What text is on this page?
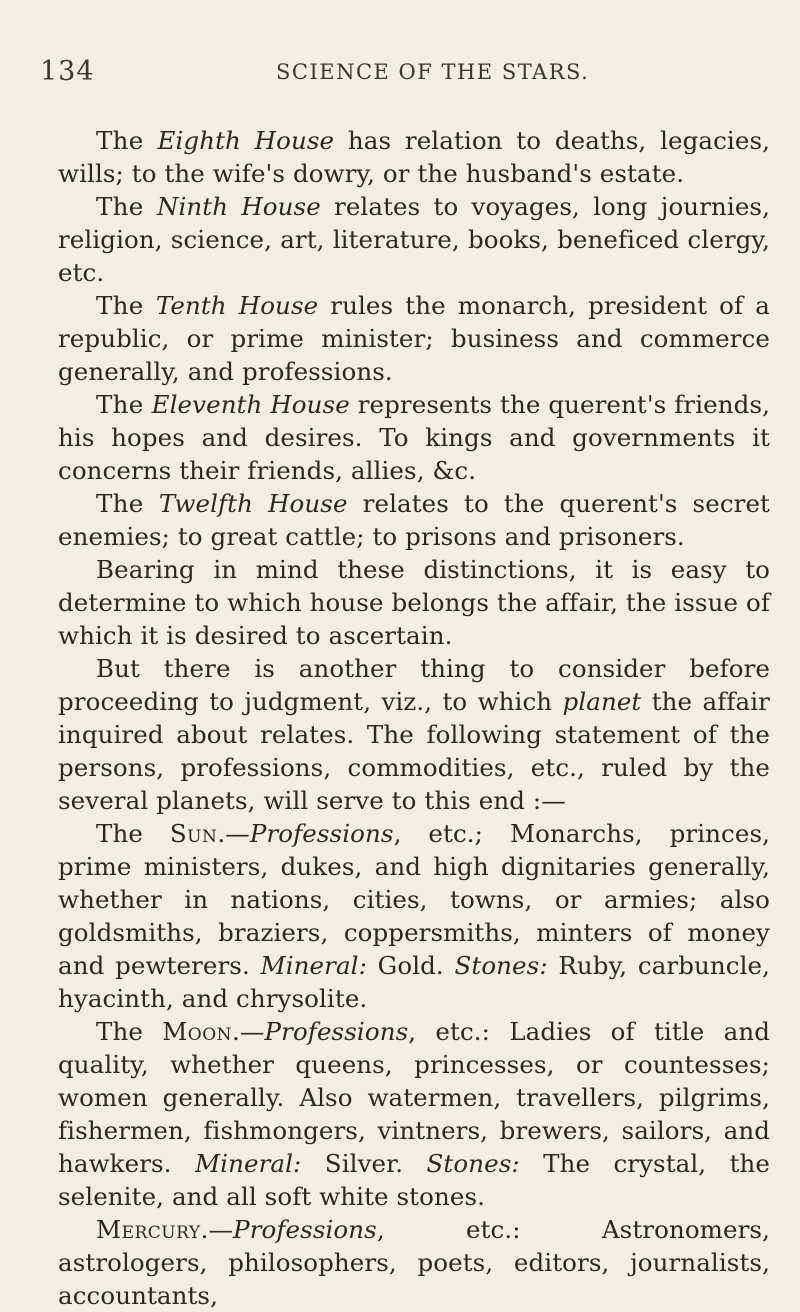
134	SCIENCE OF THE STARS.

The Eighth House has relation to deaths, legacies, wills; to the wife's dowry, or the husband's estate.

The Ninth House relates to voyages, long journies, religion, science, art, literature, books, beneficed clergy, etc.

The Tenth House rules the monarch, president of a republic, or prime minister; business and commerce generally, and professions.

The Eleventh House represents the querent's friends, his hopes and desires. To kings and governments it concerns their friends, allies, &c.

The Twelfth House relates to the querent's secret enemies; to great cattle; to prisons and prisoners.

Bearing in mind these distinctions, it is easy to determine to which house belongs the affair, the issue of which it is desired to ascertain.

But there is another thing to consider before proceeding to judgment, viz., to which planet the affair inquired about relates. The following statement of the persons, professions, commodities, etc., ruled by the several planets, will serve to this end :—

The Sun.—Professions, etc.; Monarchs, princes, prime ministers, dukes, and high dignitaries generally, whether in nations, cities, towns, or armies; also goldsmiths, braziers, coppersmiths, minters of money and pewterers. Mineral: Gold. Stones: Ruby, carbuncle, hyacinth, and chrysolite.

The Moon.—Professions, etc.: Ladies of title and quality, whether queens, princesses, or countesses; women generally. Also watermen, travellers, pilgrims, fishermen, fishmongers, vintners, brewers, sailors, and hawkers. Mineral: Silver. Stones: The crystal, the selenite, and all soft white stones.

Mercury.—Professions, etc.: Astronomers, astrologers, philosophers, poets, editors, journalists, accountants,
